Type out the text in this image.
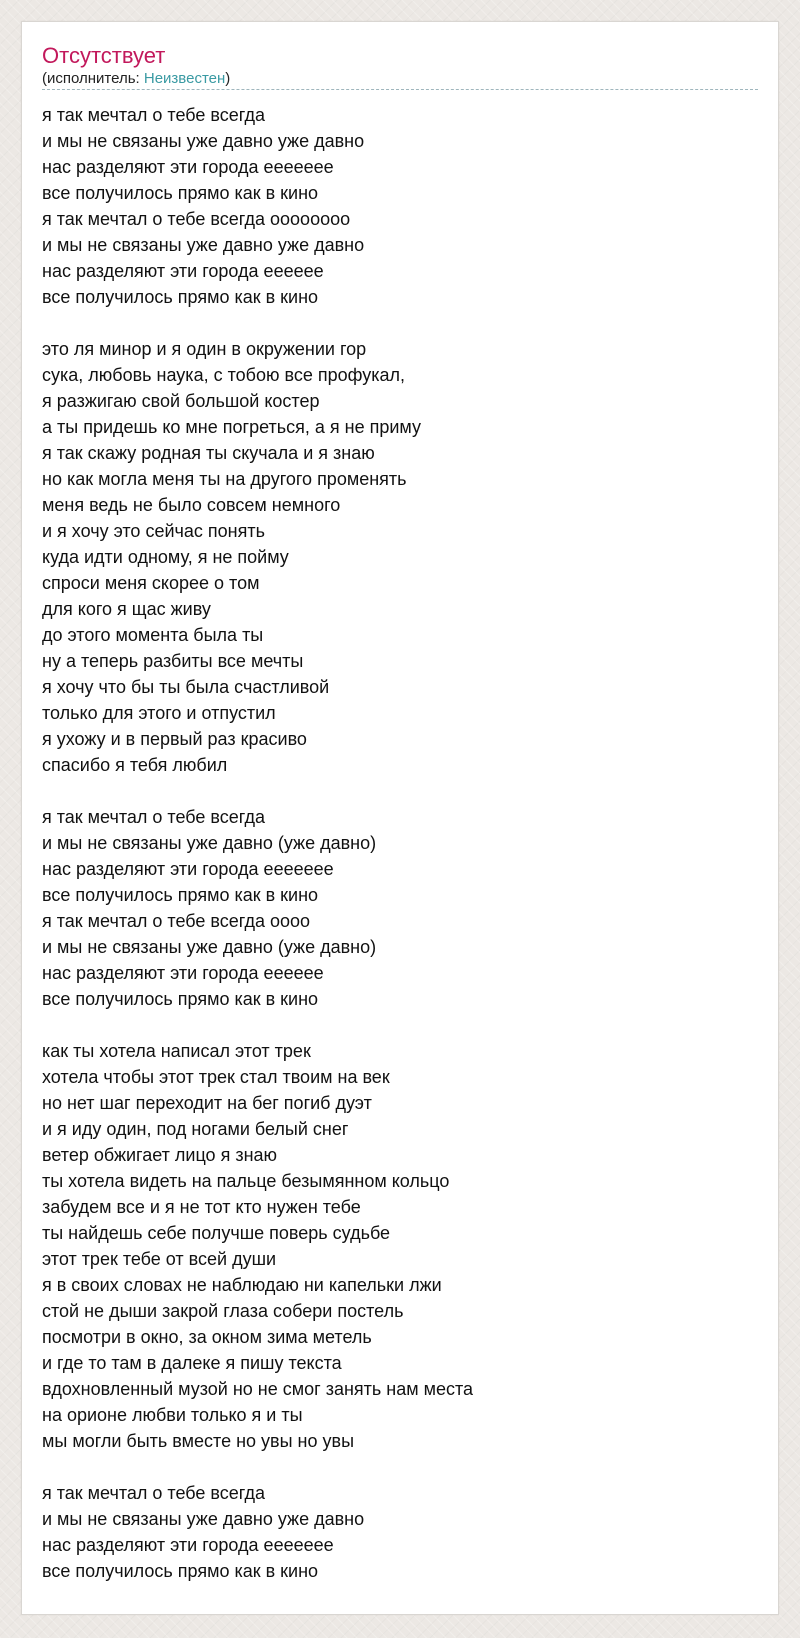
Отсутствует
(исполнитель: Неизвестен)
я так мечтал о тебе всегда
и мы не связаны уже давно уже давно
нас разделяют эти города ееееееe
все получилось прямо как в кино
я так мечтал о тебе всегда оооооооо
и мы не связаны уже давно уже давно
нас разделяют эти города ееееее
все получилось прямо как в кино
это ля минор и я один в окружении гор
сука, любовь наука, с тобою все профукал,
я разжигаю свой большой костер
а ты придешь ко мне погреться, а я не приму
я так скажу родная ты скучала и я знаю
но как могла меня ты на другого променять
меня ведь не было совсем немного
и я хочу это сейчас понять
куда идти одному, я не пойму
спроси меня скорее о том
для кого я щас живу
до этого момента была ты
ну а теперь разбиты все мечты
я хочу что бы ты была счастливой
только для этого и отпустил
я ухожу и в первый раз красиво
спасибо я тебя любил
я так мечтал о тебе всегда
и мы не связаны уже давно (уже давно)
нас разделяют эти города ееееееe
все получилось прямо как в кино
я так мечтал о тебе всегда оооо
и мы не связаны уже давно (уже давно)
нас разделяют эти города ееееее
все получилось прямо как в кино
как ты хотела написал этот трек
хотела чтобы этот трек стал твоим на век
но нет шаг переходит на бег погиб дуэт
и я иду один, под ногами белый снег
ветер обжигает лицо я знаю
ты хотела видеть на пальце безымянном кольцо
забудем все и я не тот кто нужен тебе
ты найдешь себе получше поверь судьбе
этот трек тебе от всей души
я в своих словах не наблюдаю ни капельки лжи
стой не дыши закрой глаза собери постель
посмотри в окно, за окном зима метель
и где то там в далеке я пишу текста
вдохновленный музой но не смог занять нам места
на орионе любви только я и ты
мы могли быть вместе но увы но увы
я так мечтал о тебе всегда
и мы не связаны уже давно уже давно
нас разделяют эти города ееееееe
все получилось прямо как в кино
